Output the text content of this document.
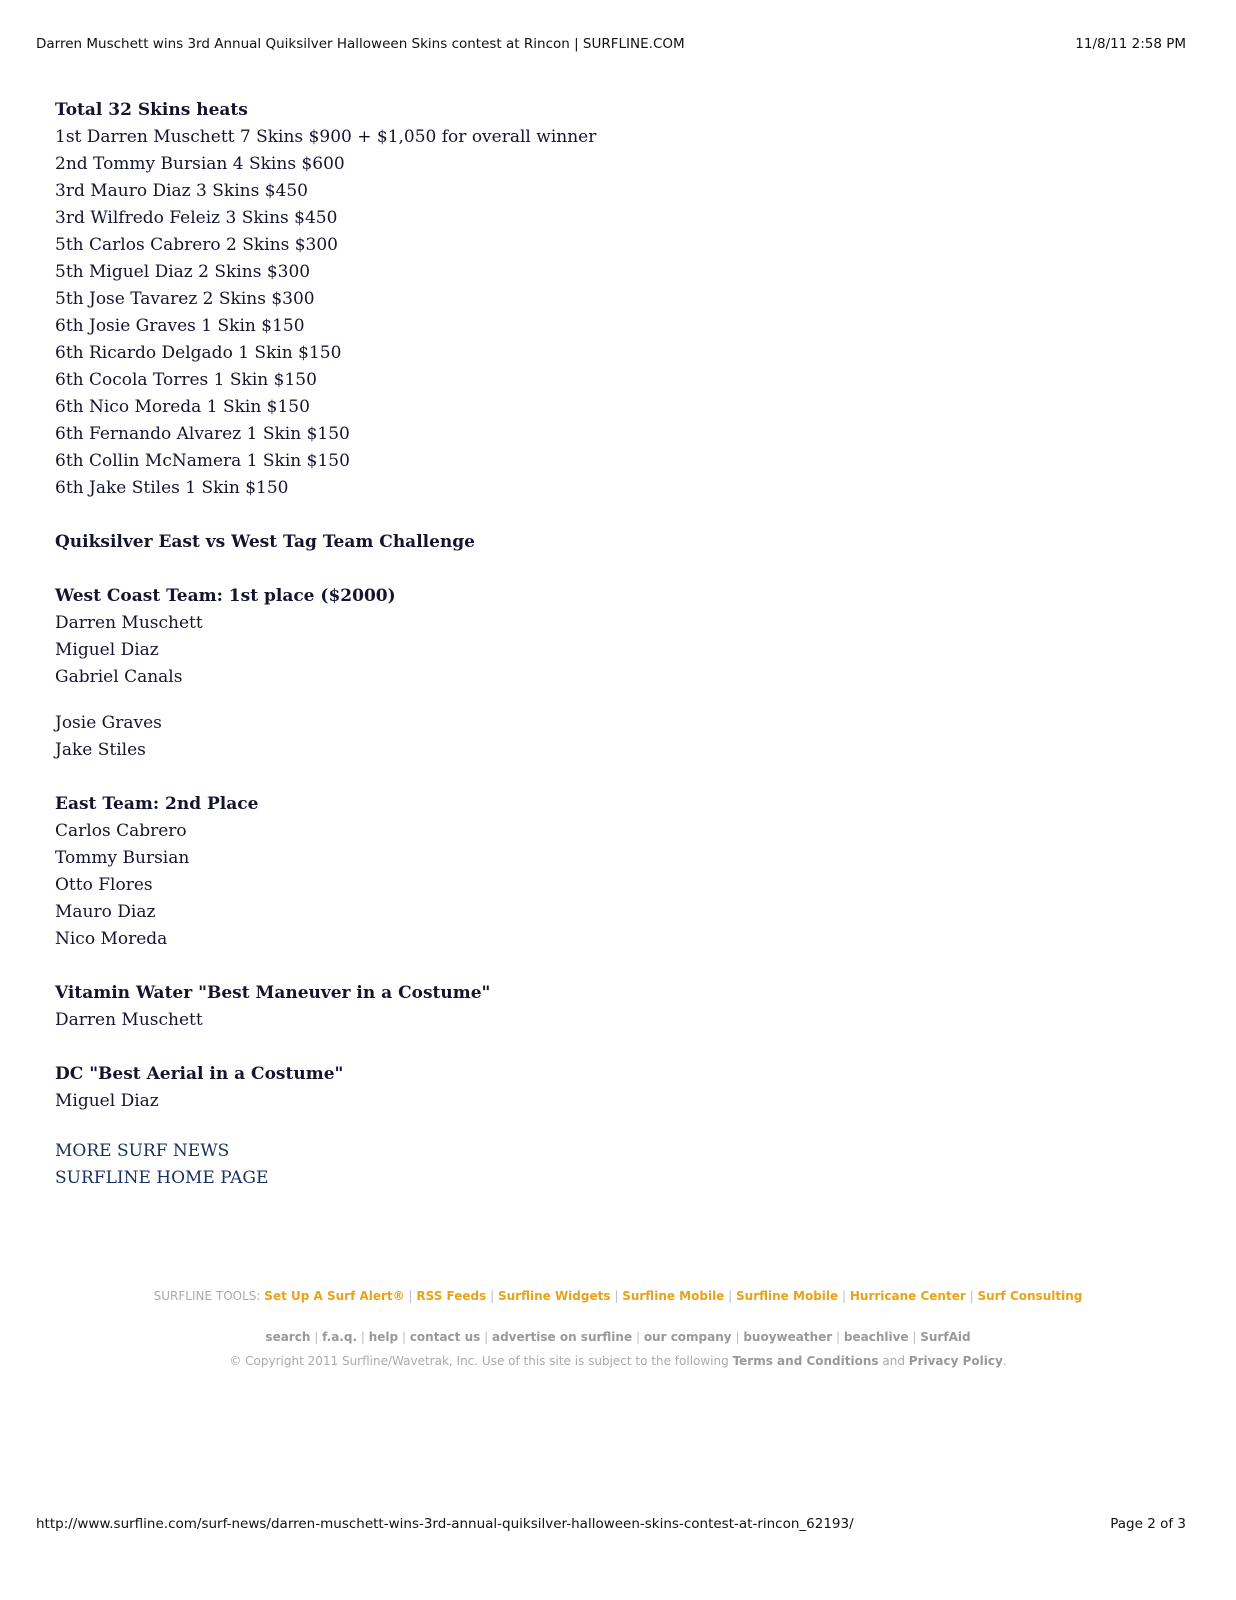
Darren Muschett wins 3rd Annual Quiksilver Halloween Skins contest at Rincon | SURFLINE.COM	11/8/11 2:58 PM
Total 32 Skins heats
1st Darren Muschett 7 Skins $900 + $1,050 for overall winner
2nd Tommy Bursian 4 Skins $600
3rd Mauro Diaz 3 Skins $450
3rd Wilfredo Feleiz 3 Skins $450
5th Carlos Cabrero 2 Skins $300
5th Miguel Diaz 2 Skins $300
5th Jose Tavarez 2 Skins $300
6th Josie Graves 1 Skin $150
6th Ricardo Delgado 1 Skin $150
6th Cocola Torres 1 Skin $150
6th Nico Moreda 1 Skin $150
6th Fernando Alvarez 1 Skin $150
6th Collin McNamera 1 Skin $150
6th Jake Stiles 1 Skin $150
Quiksilver East vs West Tag Team Challenge
West Coast Team: 1st place ($2000)
Darren Muschett
Miguel Diaz
Gabriel Canals
Josie Graves
Jake Stiles
East Team: 2nd Place
Carlos Cabrero
Tommy Bursian
Otto Flores
Mauro Diaz
Nico Moreda
Vitamin Water "Best Maneuver in a Costume"
Darren Muschett
DC "Best Aerial in a Costume"
Miguel Diaz
MORE SURF NEWS
SURFLINE HOME PAGE
SURFLINE TOOLS: Set Up A Surf Alert® | RSS Feeds | Surfline Widgets | Surfline Mobile | Surfline Mobile | Hurricane Center | Surf Consulting
search | f.a.q. | help | contact us | advertise on surfline | our company | buoyweather | beachlive | SurfAid
© Copyright 2011 Surfline/Wavetrak, Inc. Use of this site is subject to the following Terms and Conditions and Privacy Policy.
http://www.surfline.com/surf-news/darren-muschett-wins-3rd-annual-quiksilver-halloween-skins-contest-at-rincon_62193/	Page 2 of 3
